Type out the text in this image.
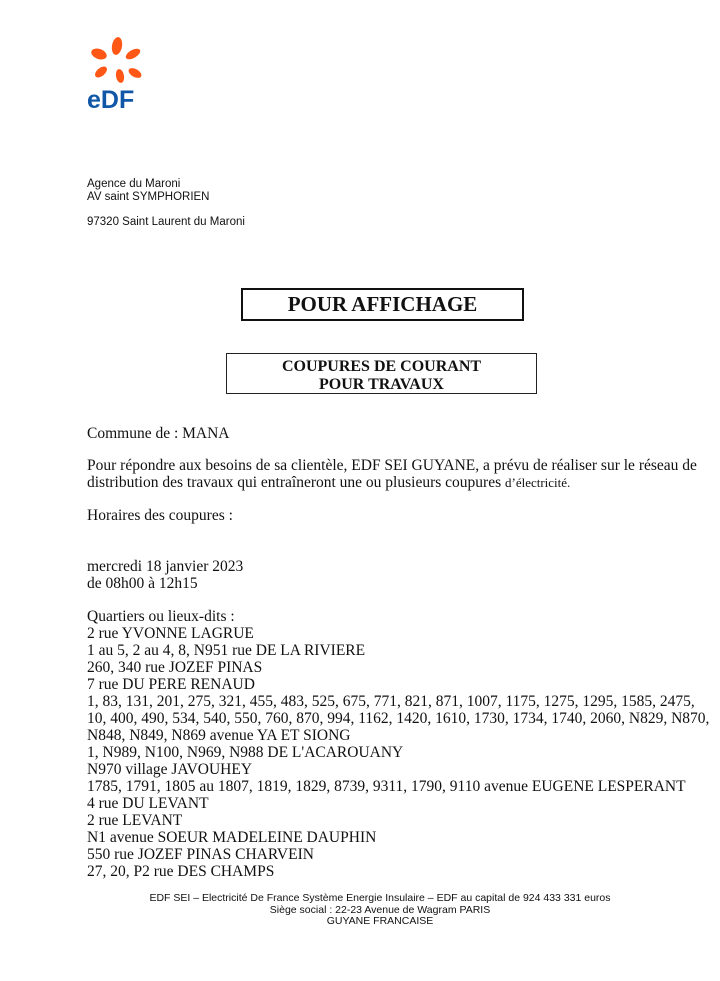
eDF
Agence du Maroni
AV saint SYMPHORIEN
97320 Saint Laurent du Maroni
POUR AFFICHAGE
COUPURES DE COURANT
POUR TRAVAUX

Commune de : MANA

Pour répondre aux besoins de sa clientèle, EDF SEI GUYANE, a prévu de réaliser sur le réseau de distribution des travaux qui entraîneront une ou plusieurs coupures d’électricité.

Horaires des coupures :

mercredi 18 janvier 2023

de 08h00 à 12h15

Quartiers ou lieux-dits :

2 rue YVONNE LAGRUE
1 au 5, 2 au 4, 8, N951 rue DE LA RIVIERE
260, 340 rue JOZEF PINAS
7 rue DU PERE RENAUD
1, 83, 131, 201, 275, 321, 455, 483, 525, 675, 771, 821, 871, 1007, 1175, 1275, 1295, 1585, 2475, 10, 400, 490, 534, 540, 550, 760, 870, 994, 1162, 1420, 1610, 1730, 1734, 1740, 2060, N829, N870, N848, N849, N869 avenue YA ET SIONG
1, N989, N100, N969, N988 DE L'ACAROUANY
N970 village JAVOUHEY
1785, 1791, 1805 au 1807, 1819, 1829, 8739, 9311, 1790, 9110 avenue EUGENE LESPERANT
4 rue DU LEVANT
2 rue LEVANT
N1 avenue SOEUR MADELEINE DAUPHIN
550 rue JOZEF PINAS CHARVEIN
27, 20, P2 rue DES CHAMPS
EDF SEI – Electricité De France Système Energie Insulaire – EDF au capital de 924 433 331 euros
Siège social : 22-23 Avenue de Wagram PARIS
GUYANE FRANCAISE
